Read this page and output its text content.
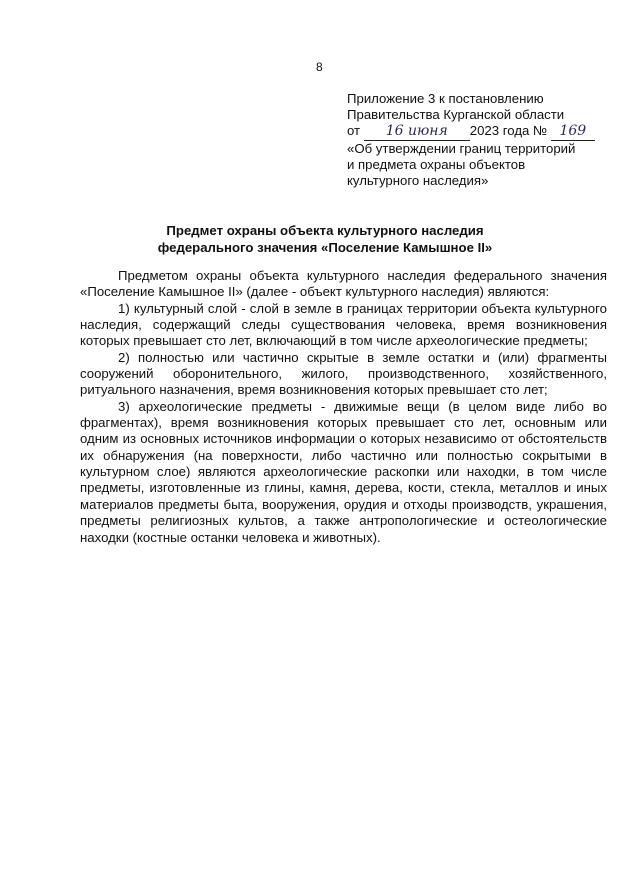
8
Приложение 3 к постановлению
Правительства Курганской области
от 16 июня 2023 года № 169
«Об утверждении границ территорий
и предмета охраны объектов
культурного наследия»
Предмет охраны объекта культурного наследия
федерального значения «Поселение Камышное II»

Предметом охраны объекта культурного наследия федерального значения «Поселение Камышное II» (далее - объект культурного наследия) являются:

1) культурный слой - слой в земле в границах территории объекта культурного наследия, содержащий следы существования человека, время возникновения которых превышает сто лет, включающий в том числе археологические предметы;

2) полностью или частично скрытые в земле остатки и (или) фрагменты сооружений оборонительного, жилого, производственного, хозяйственного, ритуального назначения, время возникновения которых превышает сто лет;

3) археологические предметы - движимые вещи (в целом виде либо во фрагментах), время возникновения которых превышает сто лет, основным или одним из основных источников информации о которых независимо от обстоятельств их обнаружения (на поверхности, либо частично или полностью сокрытыми в культурном слое) являются археологические раскопки или находки, в том числе предметы, изготовленные из глины, камня, дерева, кости, стекла, металлов и иных материалов предметы быта, вооружения, орудия и отходы производств, украшения, предметы религиозных культов, а также антропологические и остеологические находки (костные останки человека и животных).
